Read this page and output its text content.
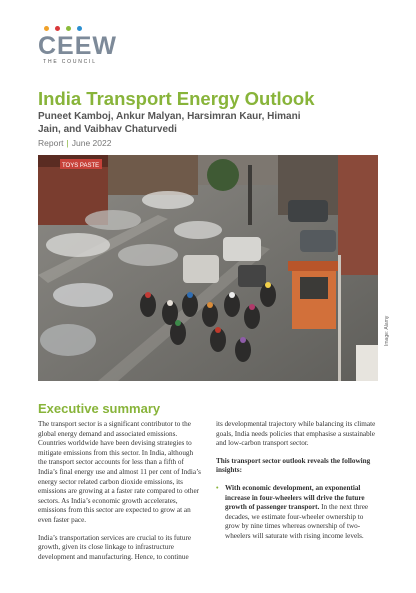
CEEW
THE COUNCIL
India Transport Energy Outlook
Puneet Kamboj, Ankur Malyan, Harsimran Kaur, Himani Jain, and Vaibhav Chaturvedi
Report | June 2022
TOYS PASTE
Image: Alamy
Executive summary

The transport sector is a significant contributor to the global energy demand and associated emissions. Countries worldwide have been devising strategies to mitigate emissions from this sector. In India, although the transport sector accounts for less than a fifth of India’s final energy use and almost 11 per cent of India’s energy sector related carbon dioxide emissions, its emissions are growing at a faster rate compared to other sectors. As India’s economic growth accelerates, emissions from this sector are expected to grow at an even faster pace.

India’s transportation services are crucial to its future growth, given its close linkage to infrastructure development and manufacturing. Hence, to continue

its developmental trajectory while balancing its climate goals, India needs policies that emphasise a sustainable and low-carbon transport sector.

This transport sector outlook reveals the following insights:

• With economic development, an exponential increase in four-wheelers will drive the future growth of passenger transport. In the next three decades, we estimate four-wheeler ownership to grow by nine times whereas ownership of two-wheelers will saturate with rising income levels.
